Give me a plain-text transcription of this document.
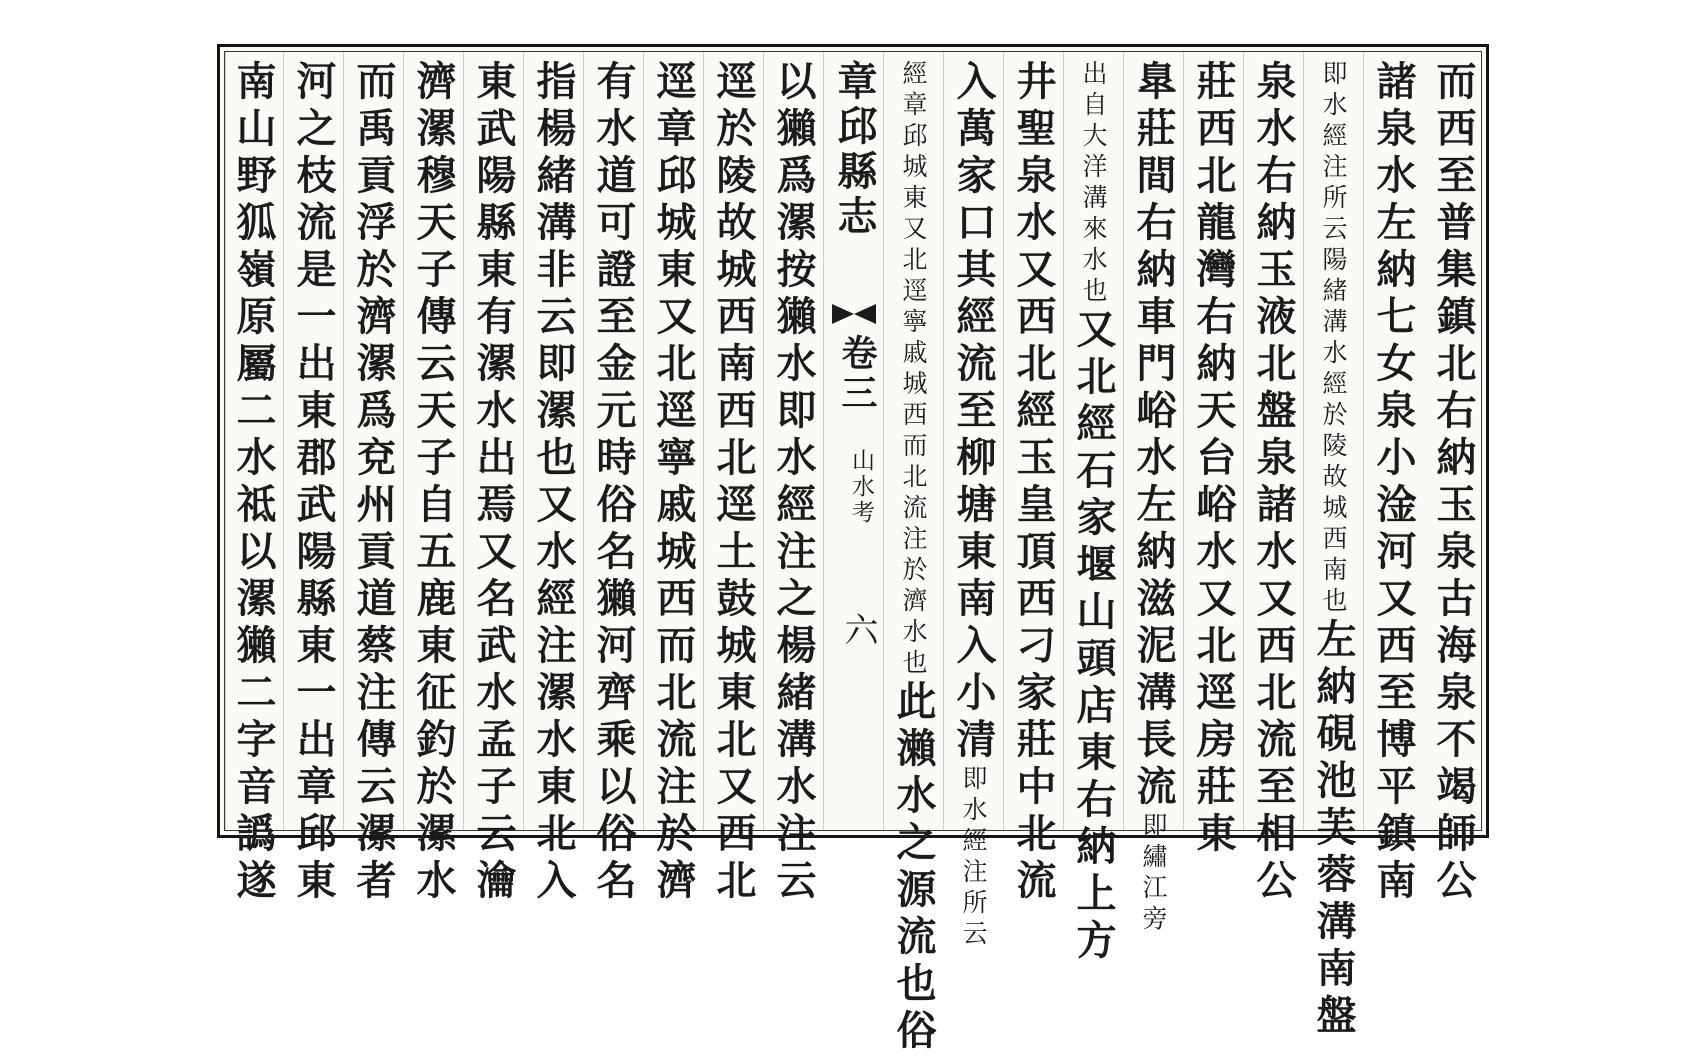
而西至普集鎮北右納玉泉古海泉不竭師公
諸泉水左納七女泉小淦河又西至博平鎮南
即水經注所云陽緒溝水經於陵故城西南也左納硯池芙蓉溝南盤
泉水右納玉液北盤泉諸水又西北流至相公
莊西北龍灣右納天台峪水又北逕房莊東
臯莊間右納車門峪水左納滋泥溝長流即繡江旁
出自大洋溝來水也又北經石家堰山頭店東右納上方
井聖泉水又西北經玉皇頂西刁家莊中北流
入萬家口其經流至柳塘東南入小清即水經注所云
經章邱城東又北逕寧戚城西而北流注於濟水也此瀨水之源流也俗
章邱縣志
卷三
山水考
六
以獺爲漯按獺水即水經注之楊緒溝水注云
逕於陵故城西南西北逕土鼓城東北又西北
逕章邱城東又北逕寧戚城西而北流注於濟
有水道可證至金元時俗名獺河齊乘以俗名
指楊緒溝非云即漯也又水經注漯水東北入
東武陽縣東有漯水出焉又名武水孟子云瀹
濟漯穆天子傳云天子自五鹿東征釣於漯水
而禹貢浮於濟漯爲兗州貢道蔡注傳云漯者
河之枝流是一出東郡武陽縣東一出章邱東
南山野狐嶺原屬二水祗以漯獺二字音譌遂
